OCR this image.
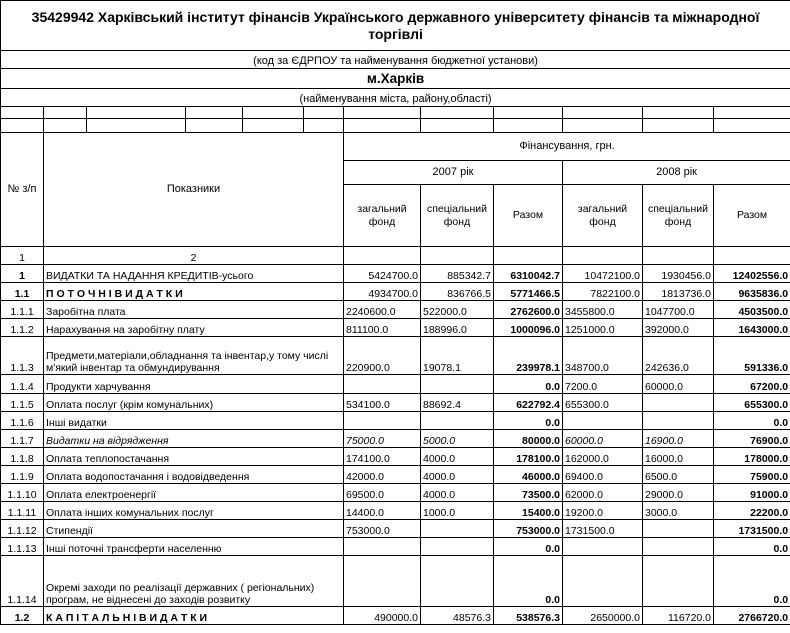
35429942 Харківський інститут фінансів Українського державного університету фінансів та міжнародної торгівлі											
(код за ЄДРПОУ та найменування бюджетної установи)											
м.Харків											
(найменування міста, району,області)											

№ з/п	Показники					Фінансування, грн.					
						2007 рік			2008 рік		
						загальний фонд	спеціальний фонд	Разом	загальний фонд	спеціальний фонд	Разом
1	2										
1	ВИДАТКИ ТА НАДАННЯ КРЕДИТІВ-усього					5424700.0	885342.7	6310042.7	10472100.0	1930456.0	12402556.0
1.1	П О Т О Ч Н І В И Д А Т К И					4934700.0	836766.5	5771466.5	7822100.0	1813736.0	9635836.0
1.1.1	Заробітна плата					2240600.0	522000.0	2762600.0	3455800.0	1047700.0	4503500.0
1.1.2	Нарахування на заробітну плату					811100.0	188996.0	1000096.0	1251000.0	392000.0	1643000.0
1.1.3	Предмети,матеріали,обладнання та інвентар,у тому числі м'який інвентар та обмундирування					220900.0	19078.1	239978.1	348700.0	242636.0	591336.0
1.1.4	Продукти харчування							0.0	7200.0	60000.0	67200.0
1.1.5	Оплата послуг (крім комунальних)					534100.0	88692.4	622792.4	655300.0		655300.0
1.1.6	Інші видатки							0.0			0.0
1.1.7	Видатки на відрядження					75000.0	5000.0	80000.0	60000.0	16900.0	76900.0
1.1.8	Оплата теплопостачання					174100.0	4000.0	178100.0	162000.0	16000.0	178000.0
1.1.9	Оплата водопостачання і водовідведення					42000.0	4000.0	46000.0	69400.0	6500.0	75900.0
1.1.10	Оплата електроенергії					69500.0	4000.0	73500.0	62000.0	29000.0	91000.0
1.1.11	Оплата інших комунальних послуг					14400.0	1000.0	15400.0	19200.0	3000.0	22200.0
1.1.12	Стипендії					753000.0		753000.0	1731500.0		1731500.0
1.1.13	Інші поточні трансферти населенню							0.0			0.0
1.1.14	Окремі заходи по реалізації державних ( регіональних) програм, не віднесені до заходів розвитку							0.0			0.0
1.2	К А П І Т А Л Ь Н І В И Д А Т К И					490000.0	48576.3	538576.3	2650000.0	116720.0	2766720.0
